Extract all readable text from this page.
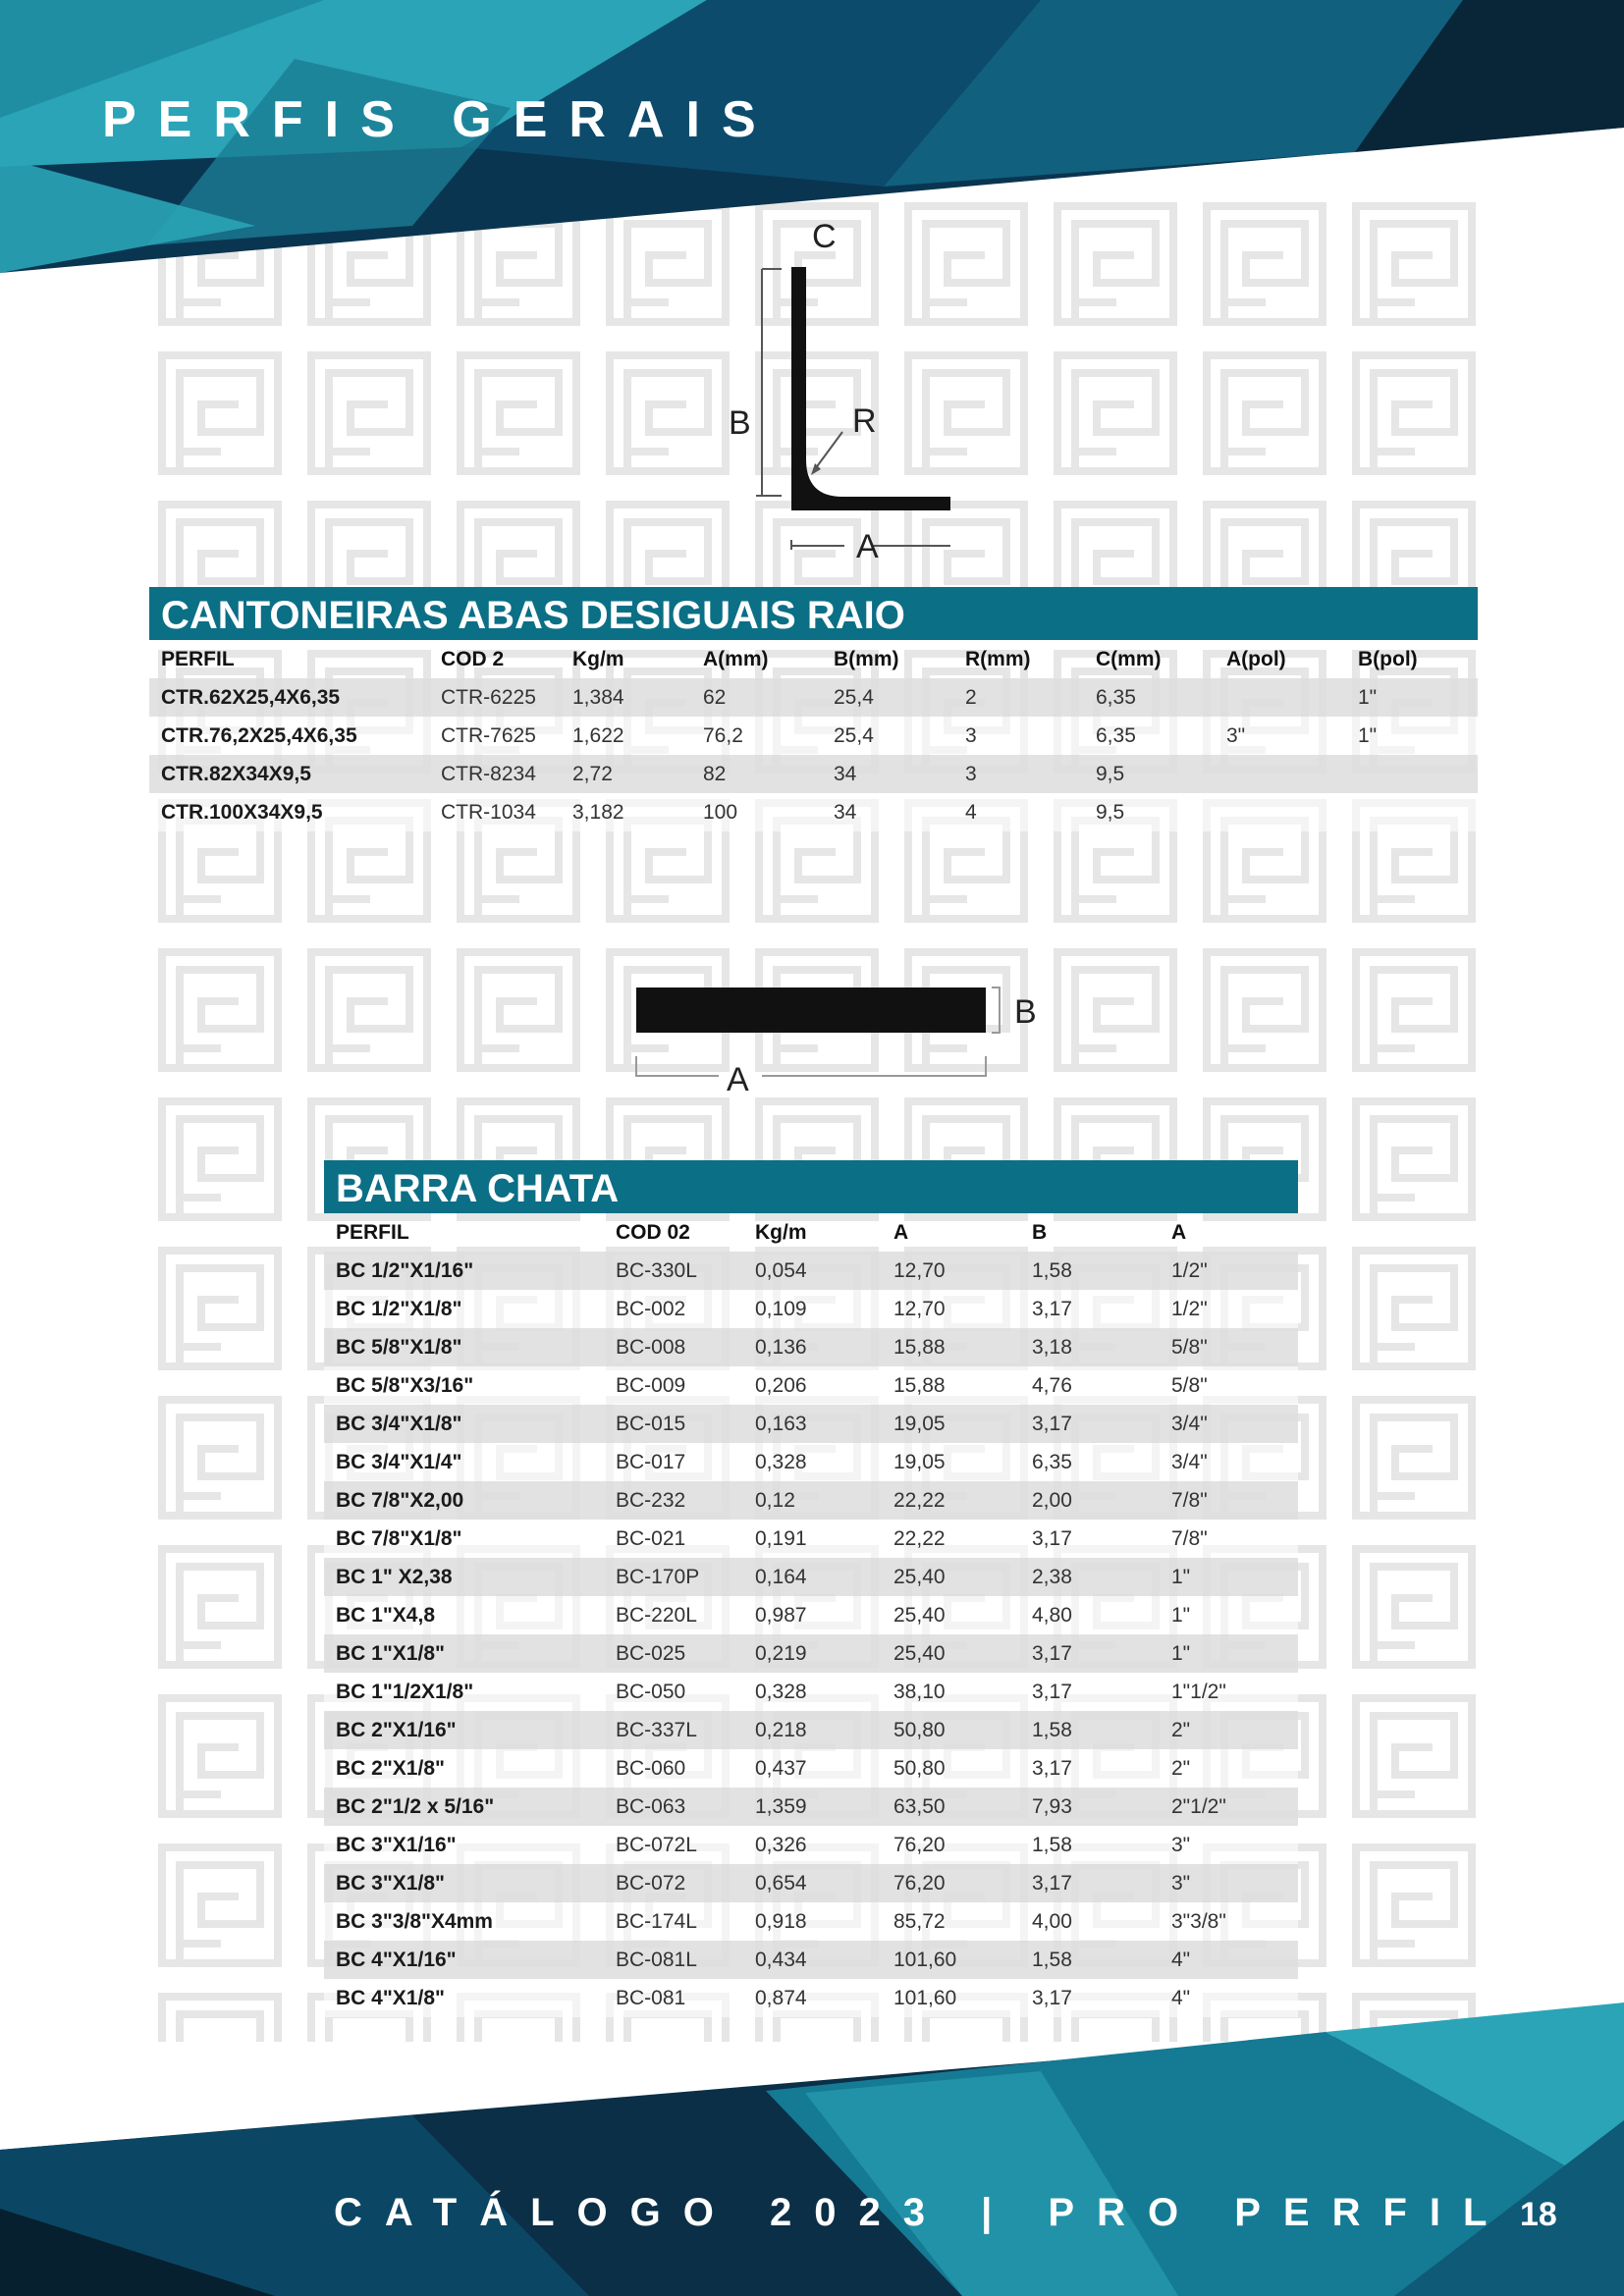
PERFIS GERAIS
C
B	R
A
CANTONEIRAS ABAS DESIGUAIS RAIO
PERFIL	COD 2	Kg/m	A(mm)	B(mm)	R(mm)	C(mm)	A(pol)	B(pol)
CTR.62X25,4X6,35	CTR-6225	1,384	62	25,4	2	6,35		1"
CTR.76,2X25,4X6,35	CTR-7625	1,622	76,2	25,4	3	6,35	3"	1"
CTR.82X34X9,5	CTR-8234	2,72	82	34	3	9,5		
CTR.100X34X9,5	CTR-1034	3,182	100	34	4	9,5		
B
A
BARRA CHATA
PERFIL	COD 02	Kg/m	A	B	A
BC 1/2"X1/16"	BC-330L	0,054	12,70	1,58	1/2"
BC 1/2"X1/8"	BC-002	0,109	12,70	3,17	1/2"
BC 5/8"X1/8"	BC-008	0,136	15,88	3,18	5/8"
BC 5/8"X3/16"	BC-009	0,206	15,88	4,76	5/8"
BC 3/4"X1/8"	BC-015	0,163	19,05	3,17	3/4"
BC 3/4"X1/4"	BC-017	0,328	19,05	6,35	3/4"
BC 7/8"X2,00	BC-232	0,12	22,22	2,00	7/8"
BC 7/8"X1/8"	BC-021	0,191	22,22	3,17	7/8"
BC 1" X2,38	BC-170P	0,164	25,40	2,38	1"
BC 1"X4,8	BC-220L	0,987	25,40	4,80	1"
BC 1"X1/8"	BC-025	0,219	25,40	3,17	1"
BC 1"1/2X1/8"	BC-050	0,328	38,10	3,17	1"1/2"
BC 2"X1/16"	BC-337L	0,218	50,80	1,58	2"
BC 2"X1/8"	BC-060	0,437	50,80	3,17	2"
BC 2"1/2 x 5/16"	BC-063	1,359	63,50	7,93	2"1/2"
BC 3"X1/16"	BC-072L	0,326	76,20	1,58	3"
BC 3"X1/8"	BC-072	0,654	76,20	3,17	3"
BC 3"3/8"X4mm	BC-174L	0,918	85,72	4,00	3"3/8"
BC 4"X1/16"	BC-081L	0,434	101,60	1,58	4"
BC 4"X1/8"	BC-081	0,874	101,60	3,17	4"
CATÁLOGO 2023 | PRO PERFIL 18
